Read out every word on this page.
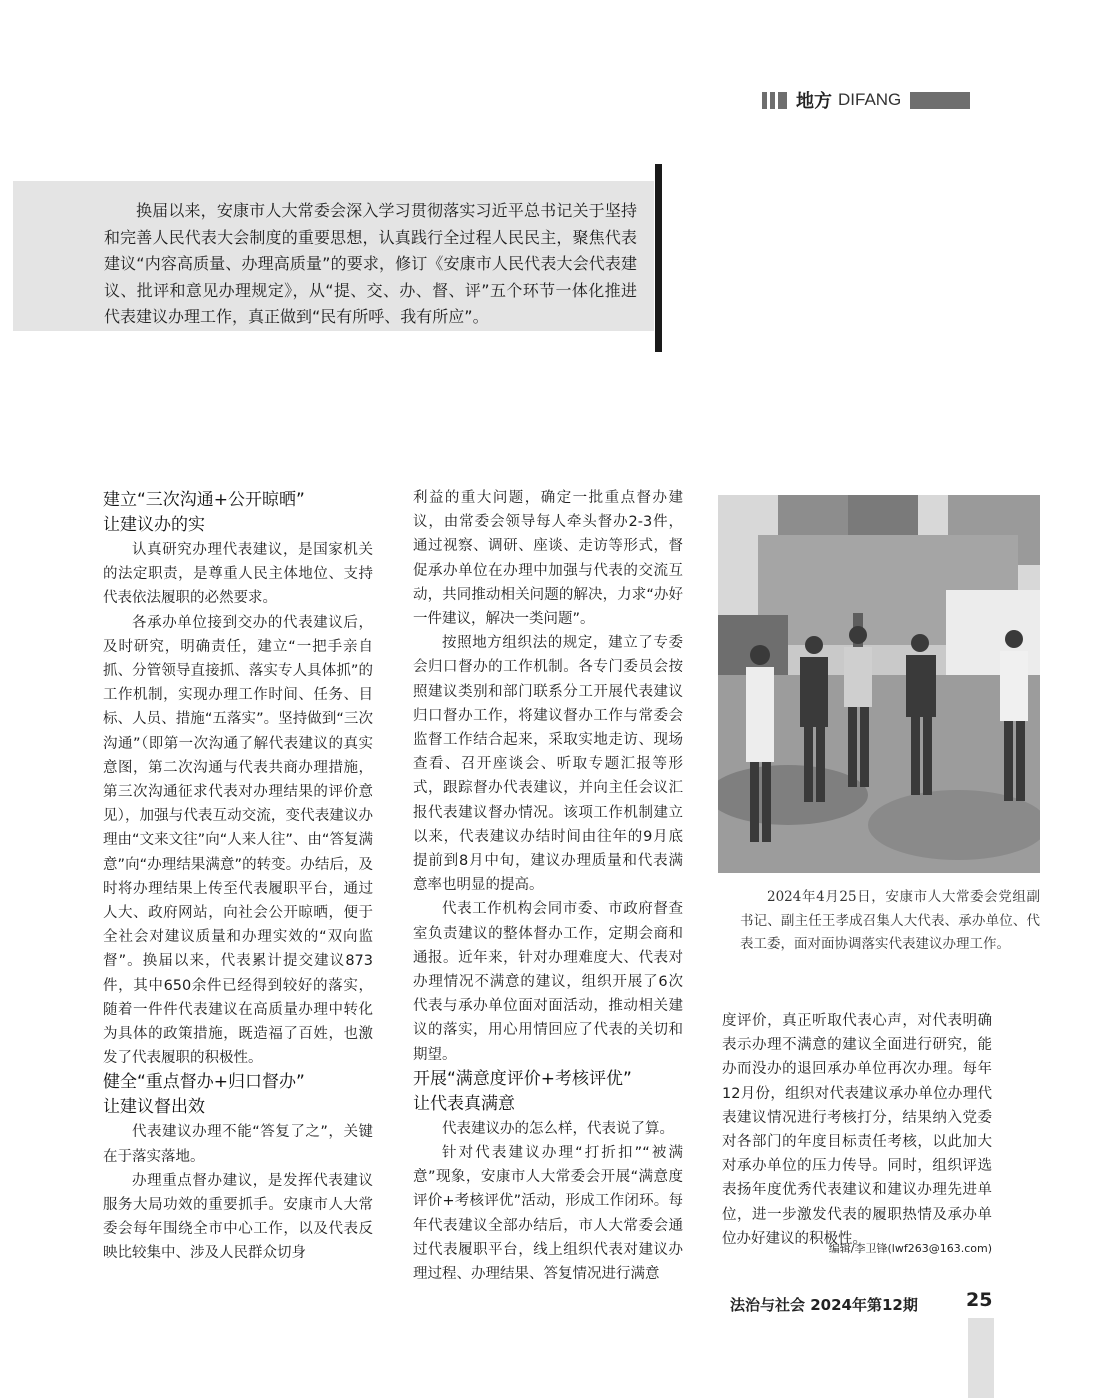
地方 DIFANG
换届以来，安康市人大常委会深入学习贯彻落实习近平总书记关于坚持和完善人民代表大会制度的重要思想，认真践行全过程人民民主，聚焦代表建议“内容高质量、办理高质量”的要求，修订《安康市人民代表大会代表建议、批评和意见办理规定》，从“提、交、办、督、评”五个环节一体化推进代表建议办理工作，真正做到“民有所呼、我有所应”。
建立“三次沟通+公开晾晒”
让建议办的实

认真研究办理代表建议，是国家机关的法定职责，是尊重人民主体地位、支持代表依法履职的必然要求。

各承办单位接到交办的代表建议后，及时研究，明确责任，建立“一把手亲自抓、分管领导直接抓、落实专人具体抓”的工作机制，实现办理工作时间、任务、目标、人员、措施“五落实”。坚持做到“三次沟通”（即第一次沟通了解代表建议的真实意图，第二次沟通与代表共商办理措施，第三次沟通征求代表对办理结果的评价意见），加强与代表互动交流，变代表建议办理由“文来文往”向“人来人往”、由“答复满意”向“办理结果满意”的转变。办结后，及时将办理结果上传至代表履职平台，通过人大、政府网站，向社会公开晾晒，便于全社会对建议质量和办理实效的“双向监督”。换届以来，代表累计提交建议873件，其中650余件已经得到较好的落实，随着一件件代表建议在高质量办理中转化为具体的政策措施，既造福了百姓，也激发了代表履职的积极性。

健全“重点督办+归口督办”
让建议督出效

代表建议办理不能“答复了之”，关键在于落实落地。

办理重点督办建议，是发挥代表建议服务大局功效的重要抓手。安康市人大常委会每年围绕全市中心工作，以及代表反映比较集中、涉及人民群众切身

利益的重大问题，确定一批重点督办建议，由常委会领导每人牵头督办2-3件，通过视察、调研、座谈、走访等形式，督促承办单位在办理中加强与代表的交流互动，共同推动相关问题的解决，力求“办好一件建议，解决一类问题”。

按照地方组织法的规定，建立了专委会归口督办的工作机制。各专门委员会按照建议类别和部门联系分工开展代表建议归口督办工作，将建议督办工作与常委会监督工作结合起来，采取实地走访、现场查看、召开座谈会、听取专题汇报等形式，跟踪督办代表建议，并向主任会议汇报代表建议督办情况。该项工作机制建立以来，代表建议办结时间由往年的9月底提前到8月中旬，建议办理质量和代表满意率也明显的提高。

代表工作机构会同市委、市政府督查室负责建议的整体督办工作，定期会商和通报。近年来，针对办理难度大、代表对办理情况不满意的建议，组织开展了6次代表与承办单位面对面活动，推动相关建议的落实，用心用情回应了代表的关切和期望。

开展“满意度评价+考核评优”
让代表真满意

代表建议办的怎么样，代表说了算。

针对代表建议办理“打折扣”“被满意”现象，安康市人大常委会开展“满意度评价+考核评优”活动，形成工作闭环。每年代表建议全部办结后，市人大常委会通过代表履职平台，线上组织代表对建议办理过程、办理结果、答复情况进行满意

2024年4月25日，安康市人大常委会党组副书记、副主任王孝成召集人大代表、承办单位、代表工委，面对面协调落实代表建议办理工作。

度评价，真正听取代表心声，对代表明确表示办理不满意的建议全面进行研究，能办而没办的退回承办单位再次办理。每年12月份，组织对代表建议承办单位办理代表建议情况进行考核打分，结果纳入党委对各部门的年度目标责任考核，以此加大对承办单位的压力传导。同时，组织评选表扬年度优秀代表建议和建议办理先进单位，进一步激发代表的履职热情及承办单位办好建议的积极性。

编辑/李卫锋(lwf263@163.com)
法治与社会 2024年第12期	25
